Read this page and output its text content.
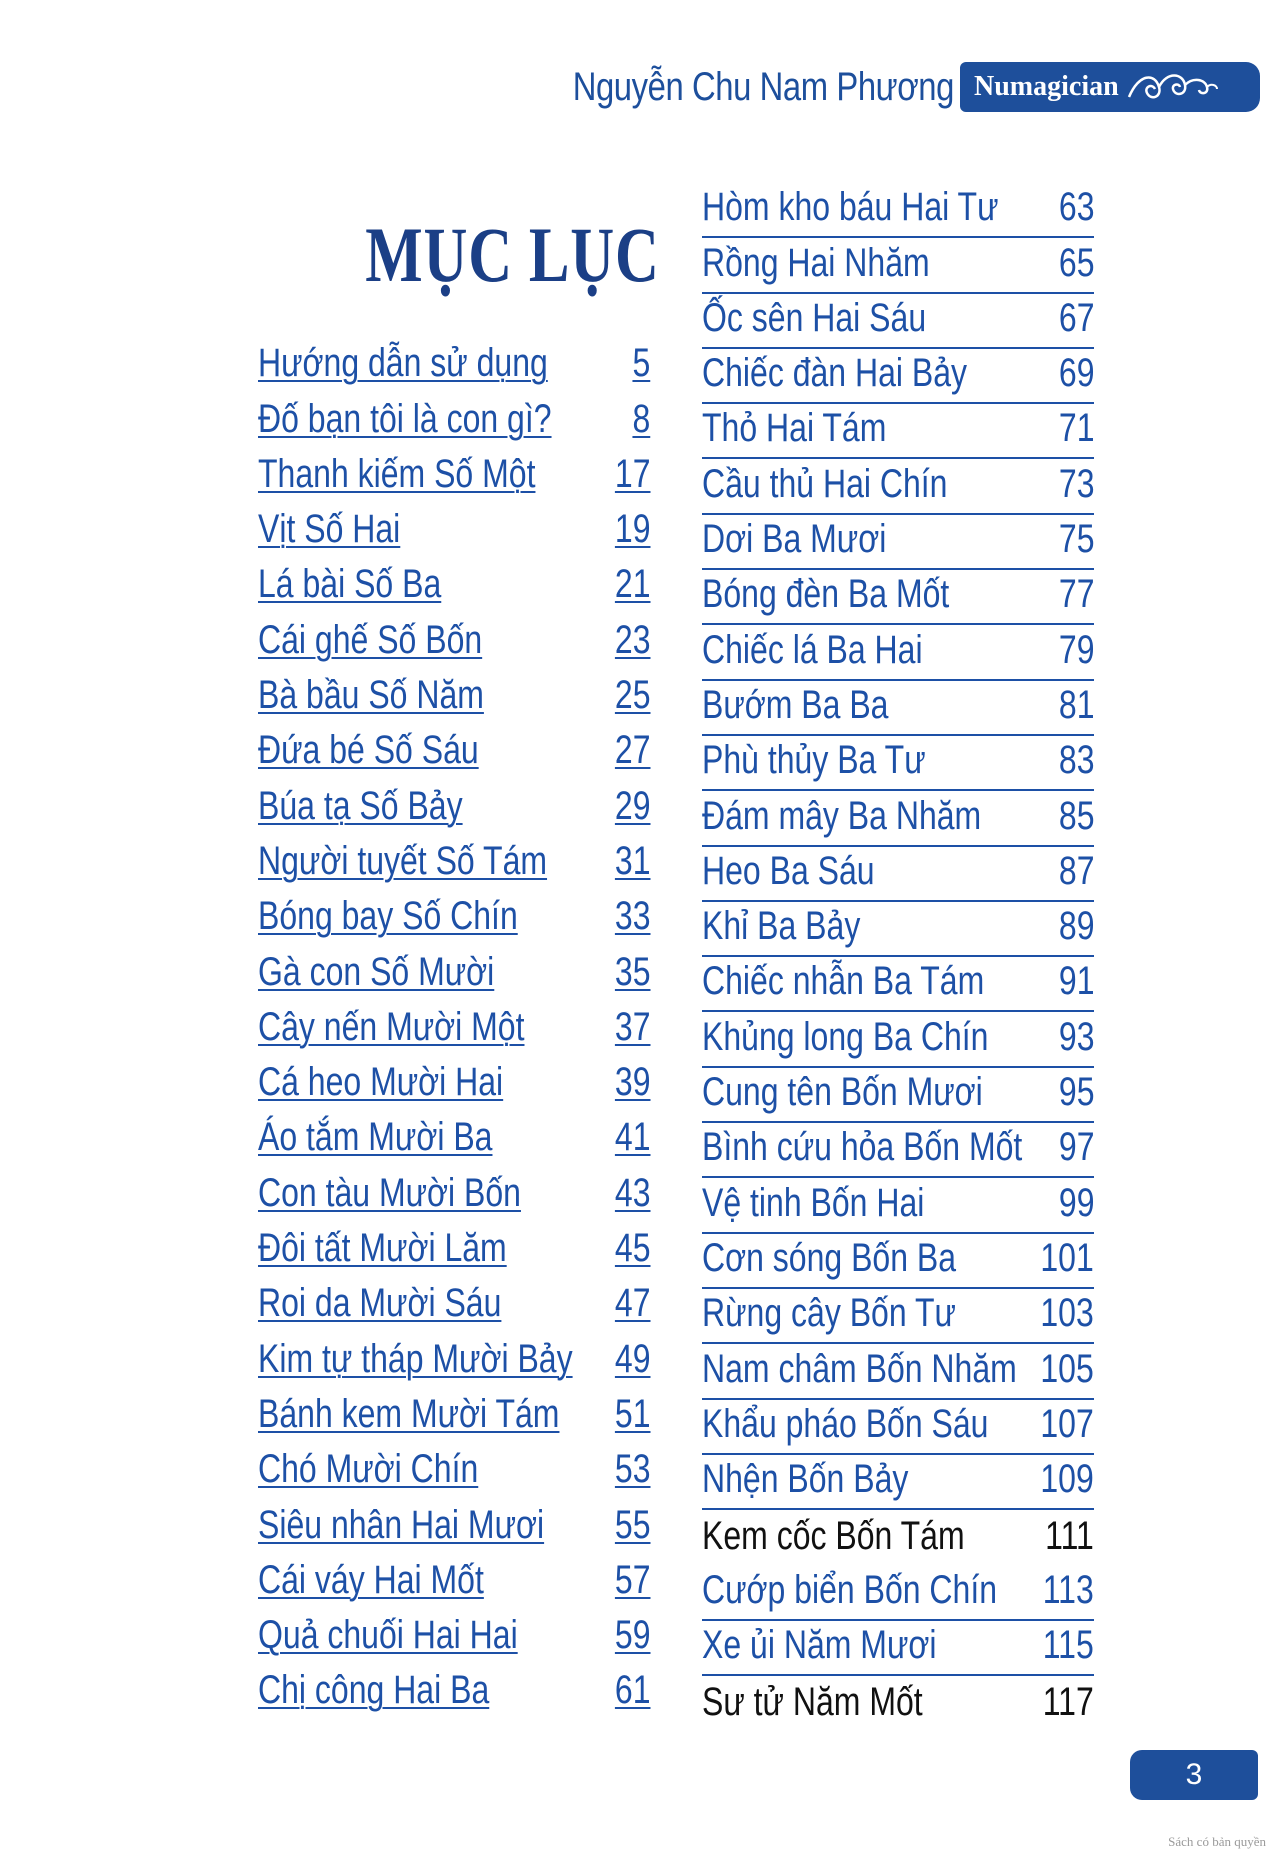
Nguyễn Chu Nam Phương Numagician
MỤC LỤC
Hướng dẫn sử dụng 5
Đố bạn tôi là con gì? 8
Thanh kiếm Số Một 17
Vịt Số Hai	19
Lá bài Số Ba	21
Cái ghế Số Bốn	23
Bà bầu Số Năm	25
Đứa bé Số Sáu	27
Búa tạ Số Bảy	29
Người tuyết Số Tám 31
Bóng bay Số Chín 33
Gà con Số Mười	35
Cây nến Mười Một 37
Cá heo Mười Hai	39
Áo tắm Mười Ba	41
Con tàu Mười Bốn 43
Đôi tất Mười Lăm	45
Roi da Mười Sáu	47
Kim tự tháp Mười Bảy 49
Bánh kem Mười Tám 51
Chó Mười Chín	53
Siêu nhân Hai Mươi 55
Cái váy Hai Mốt	57
Quả chuối Hai Hai 59
Chị công Hai Ba	61
Hòm kho báu Hai Tư 63
Rồng Hai Nhăm	65
Ốc sên Hai Sáu	67
Chiếc đàn Hai Bảy 69
Thỏ Hai Tám	71
Cầu thủ Hai Chín	73
Dơi Ba Mươi	75
Bóng đèn Ba Mốt	77
Chiếc lá Ba Hai	79
Bướm Ba Ba	81
Phù thủy Ba Tư	83
Đám mây Ba Nhăm 85
Heo Ba Sáu	87
Khỉ Ba Bảy	89
Chiếc nhẫn Ba Tám 91
Khủng long Ba Chín 93
Cung tên Bốn Mươi 95
Bình cứu hỏa Bốn Mốt 97
Vệ tinh Bốn Hai	99
Cơn sóng Bốn Ba 101
Rừng cây Bốn Tư 103
Nam châm Bốn Nhăm 105
Khẩu pháo Bốn Sáu 107
Nhện Bốn Bảy	109
Kem cốc Bốn Tám 111
Cướp biển Bốn Chín 113
Xe ủi Năm Mươi	115
Sư tử Năm Mốt	117
3
Sách có bản quyền
